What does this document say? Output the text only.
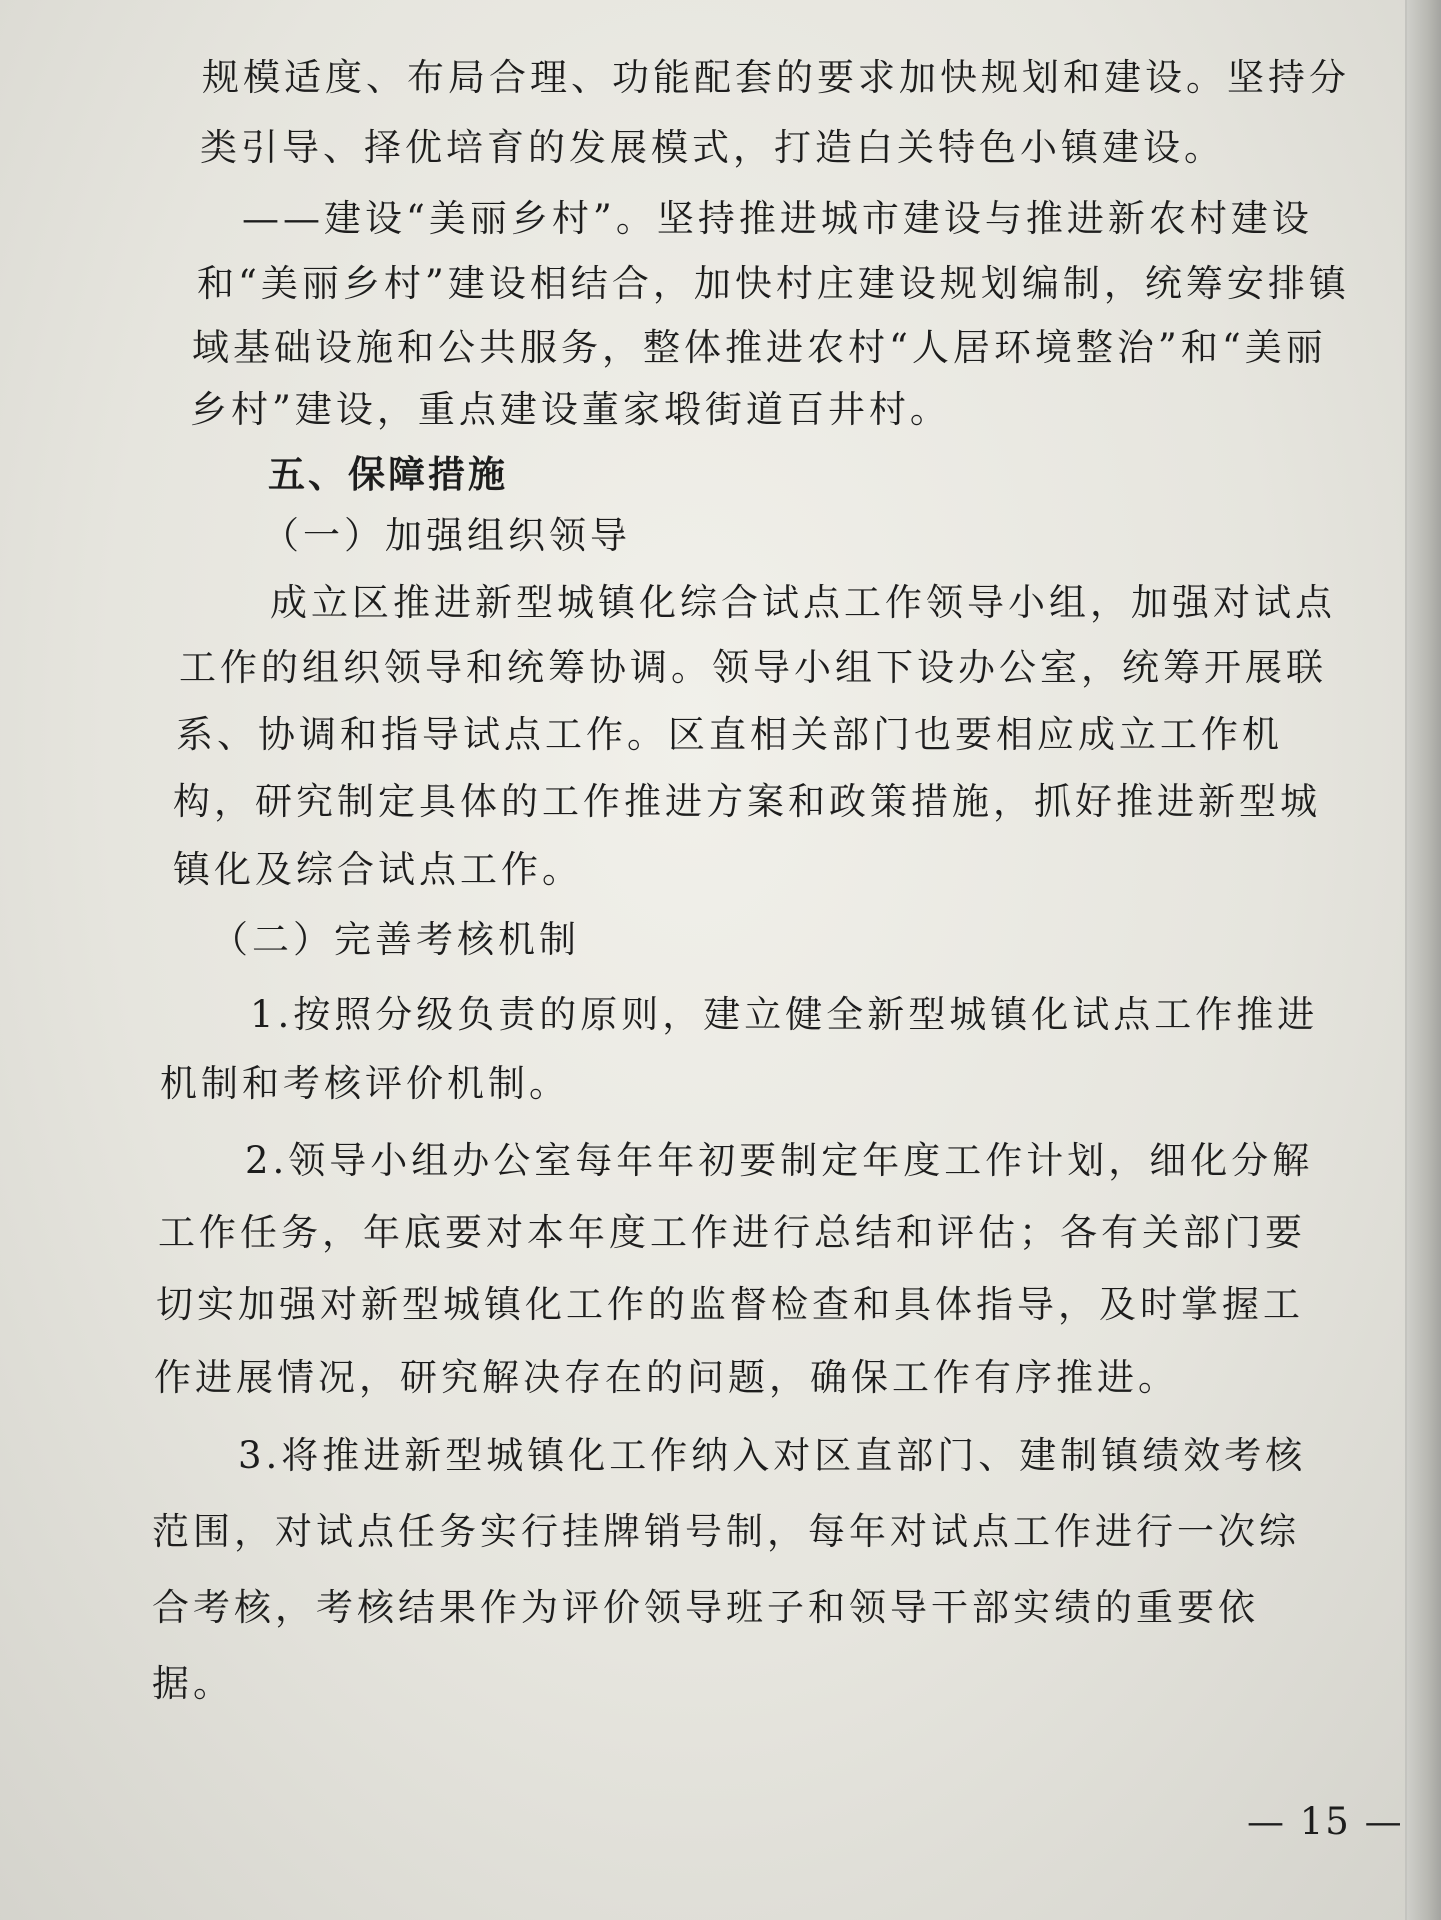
规模适度、布局合理、功能配套的要求加快规划和建设。坚持分

类引导、择优培育的发展模式，打造白关特色小镇建设。

——建设“美丽乡村”。坚持推进城市建设与推进新农村建设

和“美丽乡村”建设相结合，加快村庄建设规划编制，统筹安排镇

域基础设施和公共服务，整体推进农村“人居环境整治”和“美丽

乡村”建设，重点建设董家塅街道百井村。

五、保障措施

（一）加强组织领导

成立区推进新型城镇化综合试点工作领导小组，加强对试点

工作的组织领导和统筹协调。领导小组下设办公室，统筹开展联

系、协调和指导试点工作。区直相关部门也要相应成立工作机

构，研究制定具体的工作推进方案和政策措施，抓好推进新型城

镇化及综合试点工作。

（二）完善考核机制

1.按照分级负责的原则，建立健全新型城镇化试点工作推进

机制和考核评价机制。

2.领导小组办公室每年年初要制定年度工作计划，细化分解

工作任务，年底要对本年度工作进行总结和评估；各有关部门要

切实加强对新型城镇化工作的监督检查和具体指导，及时掌握工

作进展情况，研究解决存在的问题，确保工作有序推进。

3.将推进新型城镇化工作纳入对区直部门、建制镇绩效考核

范围，对试点任务实行挂牌销号制，每年对试点工作进行一次综

合考核，考核结果作为评价领导班子和领导干部实绩的重要依

据。

— 15 —
